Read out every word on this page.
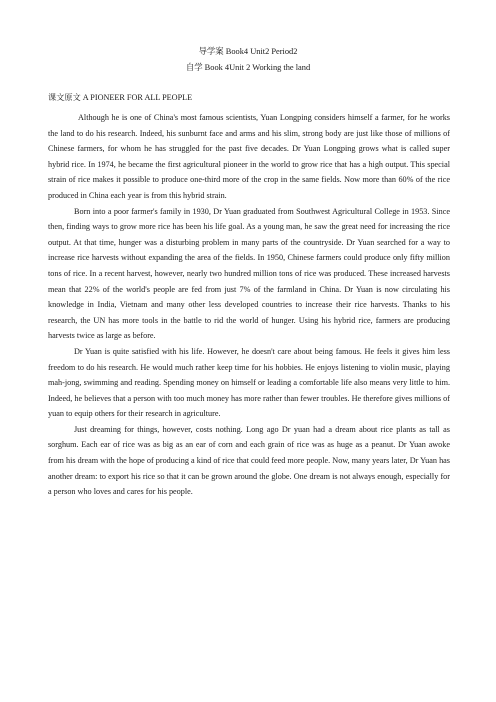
导学案 Book4 Unit2 Period2
自学 Book 4Unit 2 Working the land
课文原文 A PIONEER FOR ALL PEOPLE

Although he is one of China's most famous scientists, Yuan Longping considers himself a farmer, for he works the land to do his research. Indeed, his sunburnt face and arms and his slim, strong body are just like those of millions of Chinese farmers, for whom he has struggled for the past five decades. Dr Yuan Longping grows what is called super hybrid rice. In 1974, he became the first agricultural pioneer in the world to grow rice that has a high output. This special strain of rice makes it possible to produce one-third more of the crop in the same fields. Now more than 60% of the rice produced in China each year is from this hybrid strain.

Born into a poor farmer's family in 1930, Dr Yuan graduated from Southwest Agricultural College in 1953. Since then, finding ways to grow more rice has been his life goal. As a young man, he saw the great need for increasing the rice output. At that time, hunger was a disturbing problem in many parts of the countryside. Dr Yuan searched for a way to increase rice harvests without expanding the area of the fields. In 1950, Chinese farmers could produce only fifty million tons of rice. In a recent harvest, however, nearly two hundred million tons of rice was produced. These increased harvests mean that 22% of the world's people are fed from just 7% of the farmland in China. Dr Yuan is now circulating his knowledge in India, Vietnam and many other less developed countries to increase their rice harvests. Thanks to his research, the UN has more tools in the battle to rid the world of hunger. Using his hybrid rice, farmers are producing harvests twice as large as before.

Dr Yuan is quite satisfied with his life. However, he doesn't care about being famous. He feels it gives him less freedom to do his research. He would much rather keep time for his hobbies. He enjoys listening to violin music, playing mah-jong, swimming and reading. Spending money on himself or leading a comfortable life also means very little to him. Indeed, he believes that a person with too much money has more rather than fewer troubles. He therefore gives millions of yuan to equip others for their research in agriculture.

Just dreaming for things, however, costs nothing. Long ago Dr yuan had a dream about rice plants as tall as sorghum. Each ear of rice was as big as an ear of corn and each grain of rice was as huge as a peanut. Dr Yuan awoke from his dream with the hope of producing a kind of rice that could feed more people. Now, many years later, Dr Yuan has another dream: to export his rice so that it can be grown around the globe. One dream is not always enough, especially for a person who loves and cares for his people.
